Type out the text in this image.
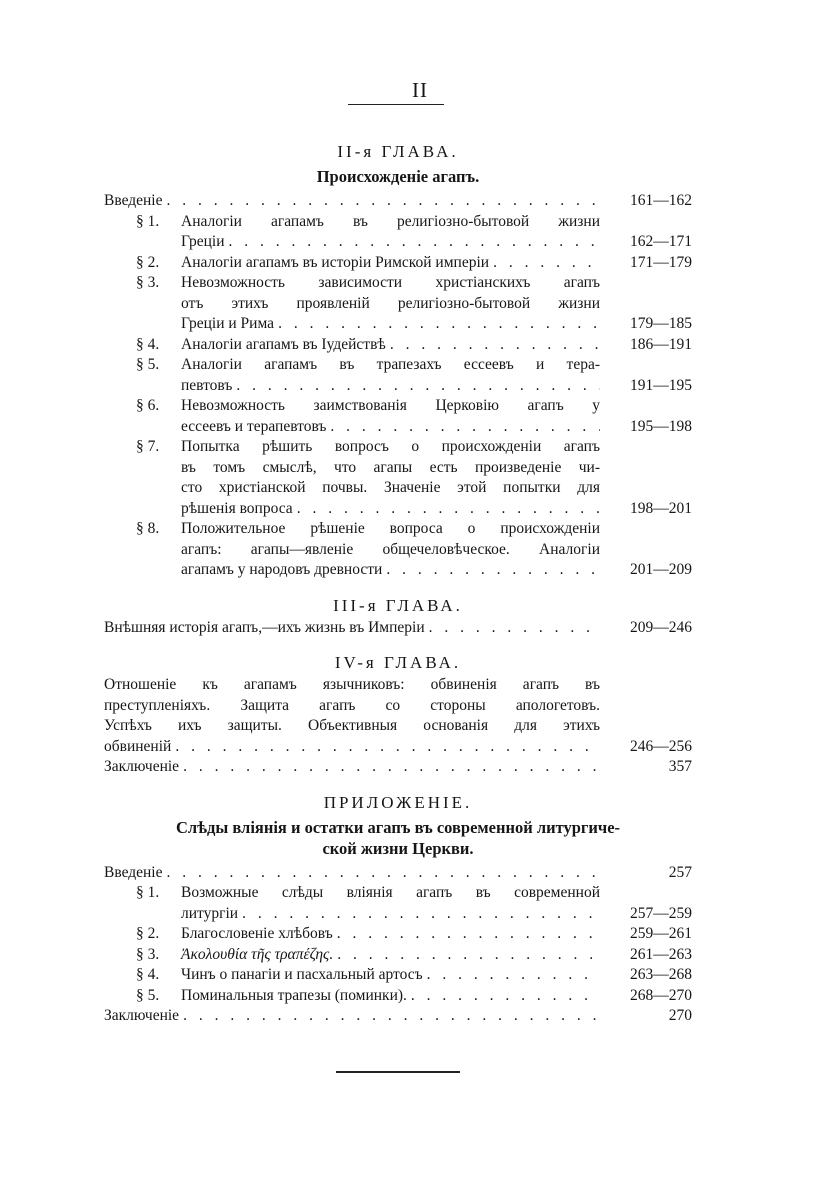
II
II-я ГЛАВА.
Происхожденіе агапъ.
Введеніе . . .	161—162
§ 1.	Аналогіи агапамъ въ религіозно-бытовой жизни
Греціи . . .	162—171
§ 2.	Аналогіи агапамъ въ исторіи Римской имперіи . . .	171—179
§ 3.	Невозможность зависимости христіанскихъ агапъ
отъ этихъ проявленій религіозно-бытовой жизни
Греціи и Рима . . .	179—185
§ 4.	Аналогіи агапамъ въ Іудействѣ . . .	186—191
§ 5.	Аналогіи агапамъ въ трапезахъ ессеевъ и тера-
певтовъ . . .	191—195
§ 6.	Невозможность заимствованія Церковію агапъ у
ессеевъ и терапевтовъ . . .	195—198
§ 7.	Попытка рѣшить вопросъ о происхожденіи агапъ
въ томъ смыслѣ, что агапы есть произведеніе чи-
сто христіанской почвы. Значеніе этой попытки для
рѣшенія вопроса . . .	198—201
§ 8.	Положительное рѣшеніе вопроса о происхожденіи
агапъ: агапы—явленіе общечеловѣческое. Аналогіи
агапамъ у народовъ древности . . .	201—209
III-я ГЛАВА.
Внѣшняя исторія агапъ,—ихъ жизнь въ Имперіи . . .	209—246
IV-я ГЛАВА.
Отношеніе къ агапамъ язычниковъ: обвиненія агапъ въ
преступленіяхъ. Защита агапъ со стороны апологетовъ.
Успѣхъ ихъ защиты. Объективныя основанія для этихъ
обвиненій . . .	246—256
Заключеніе . . .	357
ПРИЛОЖЕНІЕ.
Слѣды вліянія и остатки агапъ въ современной литургиче-
ской жизни Церкви.
Введеніе . . .	257
§ 1.	Возможные слѣды вліянія агапъ въ современной
литургіи . . .	257—259
§ 2.	Благословеніе хлѣбовъ . . .	259—261
§ 3.	Ἀκολουθία τῆς τραπέζης. . . .	261—263
§ 4.	Чинъ о панагіи и пасхальный артосъ . . .	263—268
§ 5.	Поминальныя трапезы (поминки). . . .	268—270
Заключеніе . . .	270
